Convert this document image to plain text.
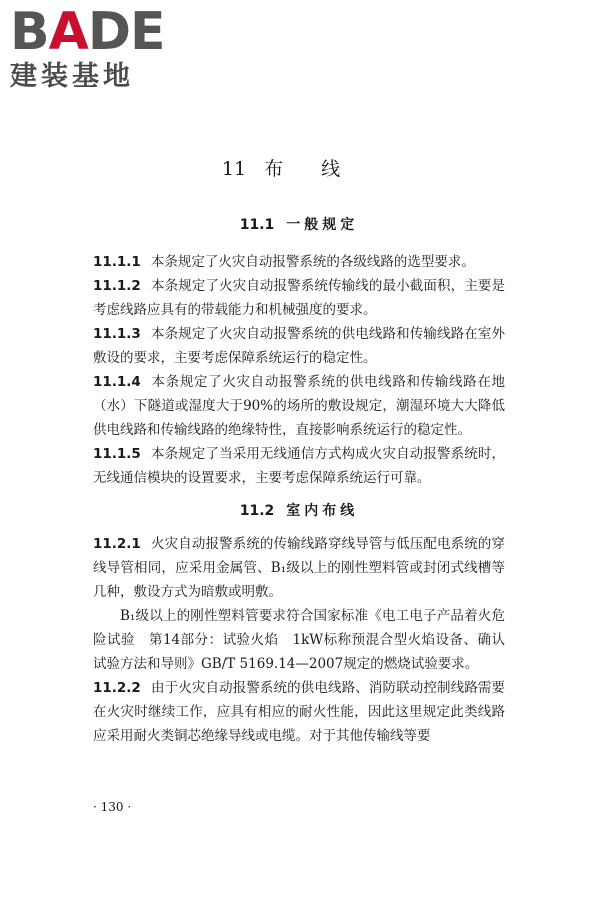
BADE
建装基地
11 布线
11.1 一般规定

11.1.1 本条规定了火灾自动报警系统的各级线路的选型要求。

11.1.2 本条规定了火灾自动报警系统传输线的最小截面积，主要是考虑线路应具有的带载能力和机械强度的要求。

11.1.3 本条规定了火灾自动报警系统的供电线路和传输线路在室外敷设的要求，主要考虑保障系统运行的稳定性。

11.1.4 本条规定了火灾自动报警系统的供电线路和传输线路在地（水）下隧道或湿度大于90%的场所的敷设规定，潮湿环境大大降低供电线路和传输线路的绝缘特性，直接影响系统运行的稳定性。

11.1.5 本条规定了当采用无线通信方式构成火灾自动报警系统时，无线通信模块的设置要求，主要考虑保障系统运行可靠。

11.2 室内布线

11.2.1 火灾自动报警系统的传输线路穿线导管与低压配电系统的穿线导管相同，应采用金属管、B₁级以上的刚性塑料管或封闭式线槽等几种，敷设方式为暗敷或明敷。

B₁级以上的刚性塑料管要求符合国家标准《电工电子产品着火危险试验　第14部分：试验火焰　1kW标称预混合型火焰设备、确认试验方法和导则》GB/T 5169.14—2007规定的燃烧试验要求。

11.2.2 由于火灾自动报警系统的供电线路、消防联动控制线路需要在火灾时继续工作，应具有相应的耐火性能，因此这里规定此类线路应采用耐火类铜芯绝缘导线或电缆。对于其他传输线等要

· 130 ·
